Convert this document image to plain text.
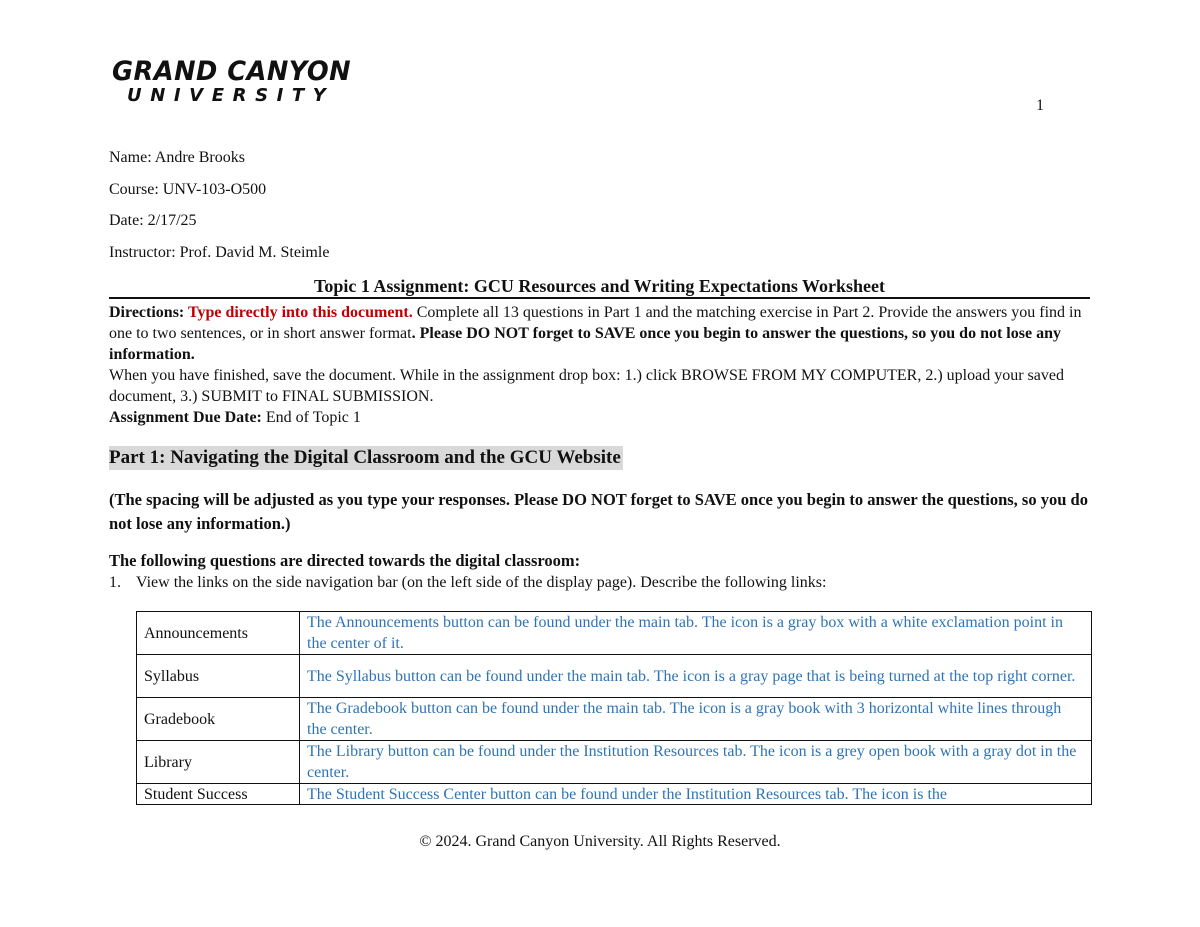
GRAND CANYON
UNIVERSITY	1
Name: Andre Brooks
Course: UNV-103-O500
Date: 2/17/25
Instructor: Prof. David M. Steimle
Topic 1 Assignment: GCU Resources and Writing Expectations Worksheet
Directions: Type directly into this document. Complete all 13 questions in Part 1 and the matching exercise in Part 2. Provide the answers you find in one to two sentences, or in short answer format. Please DO NOT forget to SAVE once you begin to answer the questions, so you do not lose any information.
When you have finished, save the document. While in the assignment drop box: 1.) click BROWSE FROM MY COMPUTER, 2.) upload your saved document, 3.) SUBMIT to FINAL SUBMISSION.
Assignment Due Date: End of Topic 1
Part 1: Navigating the Digital Classroom and the GCU Website
(The spacing will be adjusted as you type your responses. Please DO NOT forget to SAVE once you begin to answer the questions, so you do not lose any information.)
The following questions are directed towards the digital classroom:
1. View the links on the side navigation bar (on the left side of the display page). Describe the following links:
Announcements	The Announcements button can be found under the main tab. The icon is a gray box with a white exclamation point in the center of it.
Syllabus	The Syllabus button can be found under the main tab. The icon is a gray page that is being turned at the top right corner.
Gradebook	The Gradebook button can be found under the main tab. The icon is a gray book with 3 horizontal white lines through the center.
Library	The Library button can be found under the Institution Resources tab. The icon is a grey open book with a gray dot in the center.
Student Success	The Student Success Center button can be found under the Institution Resources tab. The icon is the
© 2024. Grand Canyon University. All Rights Reserved.
